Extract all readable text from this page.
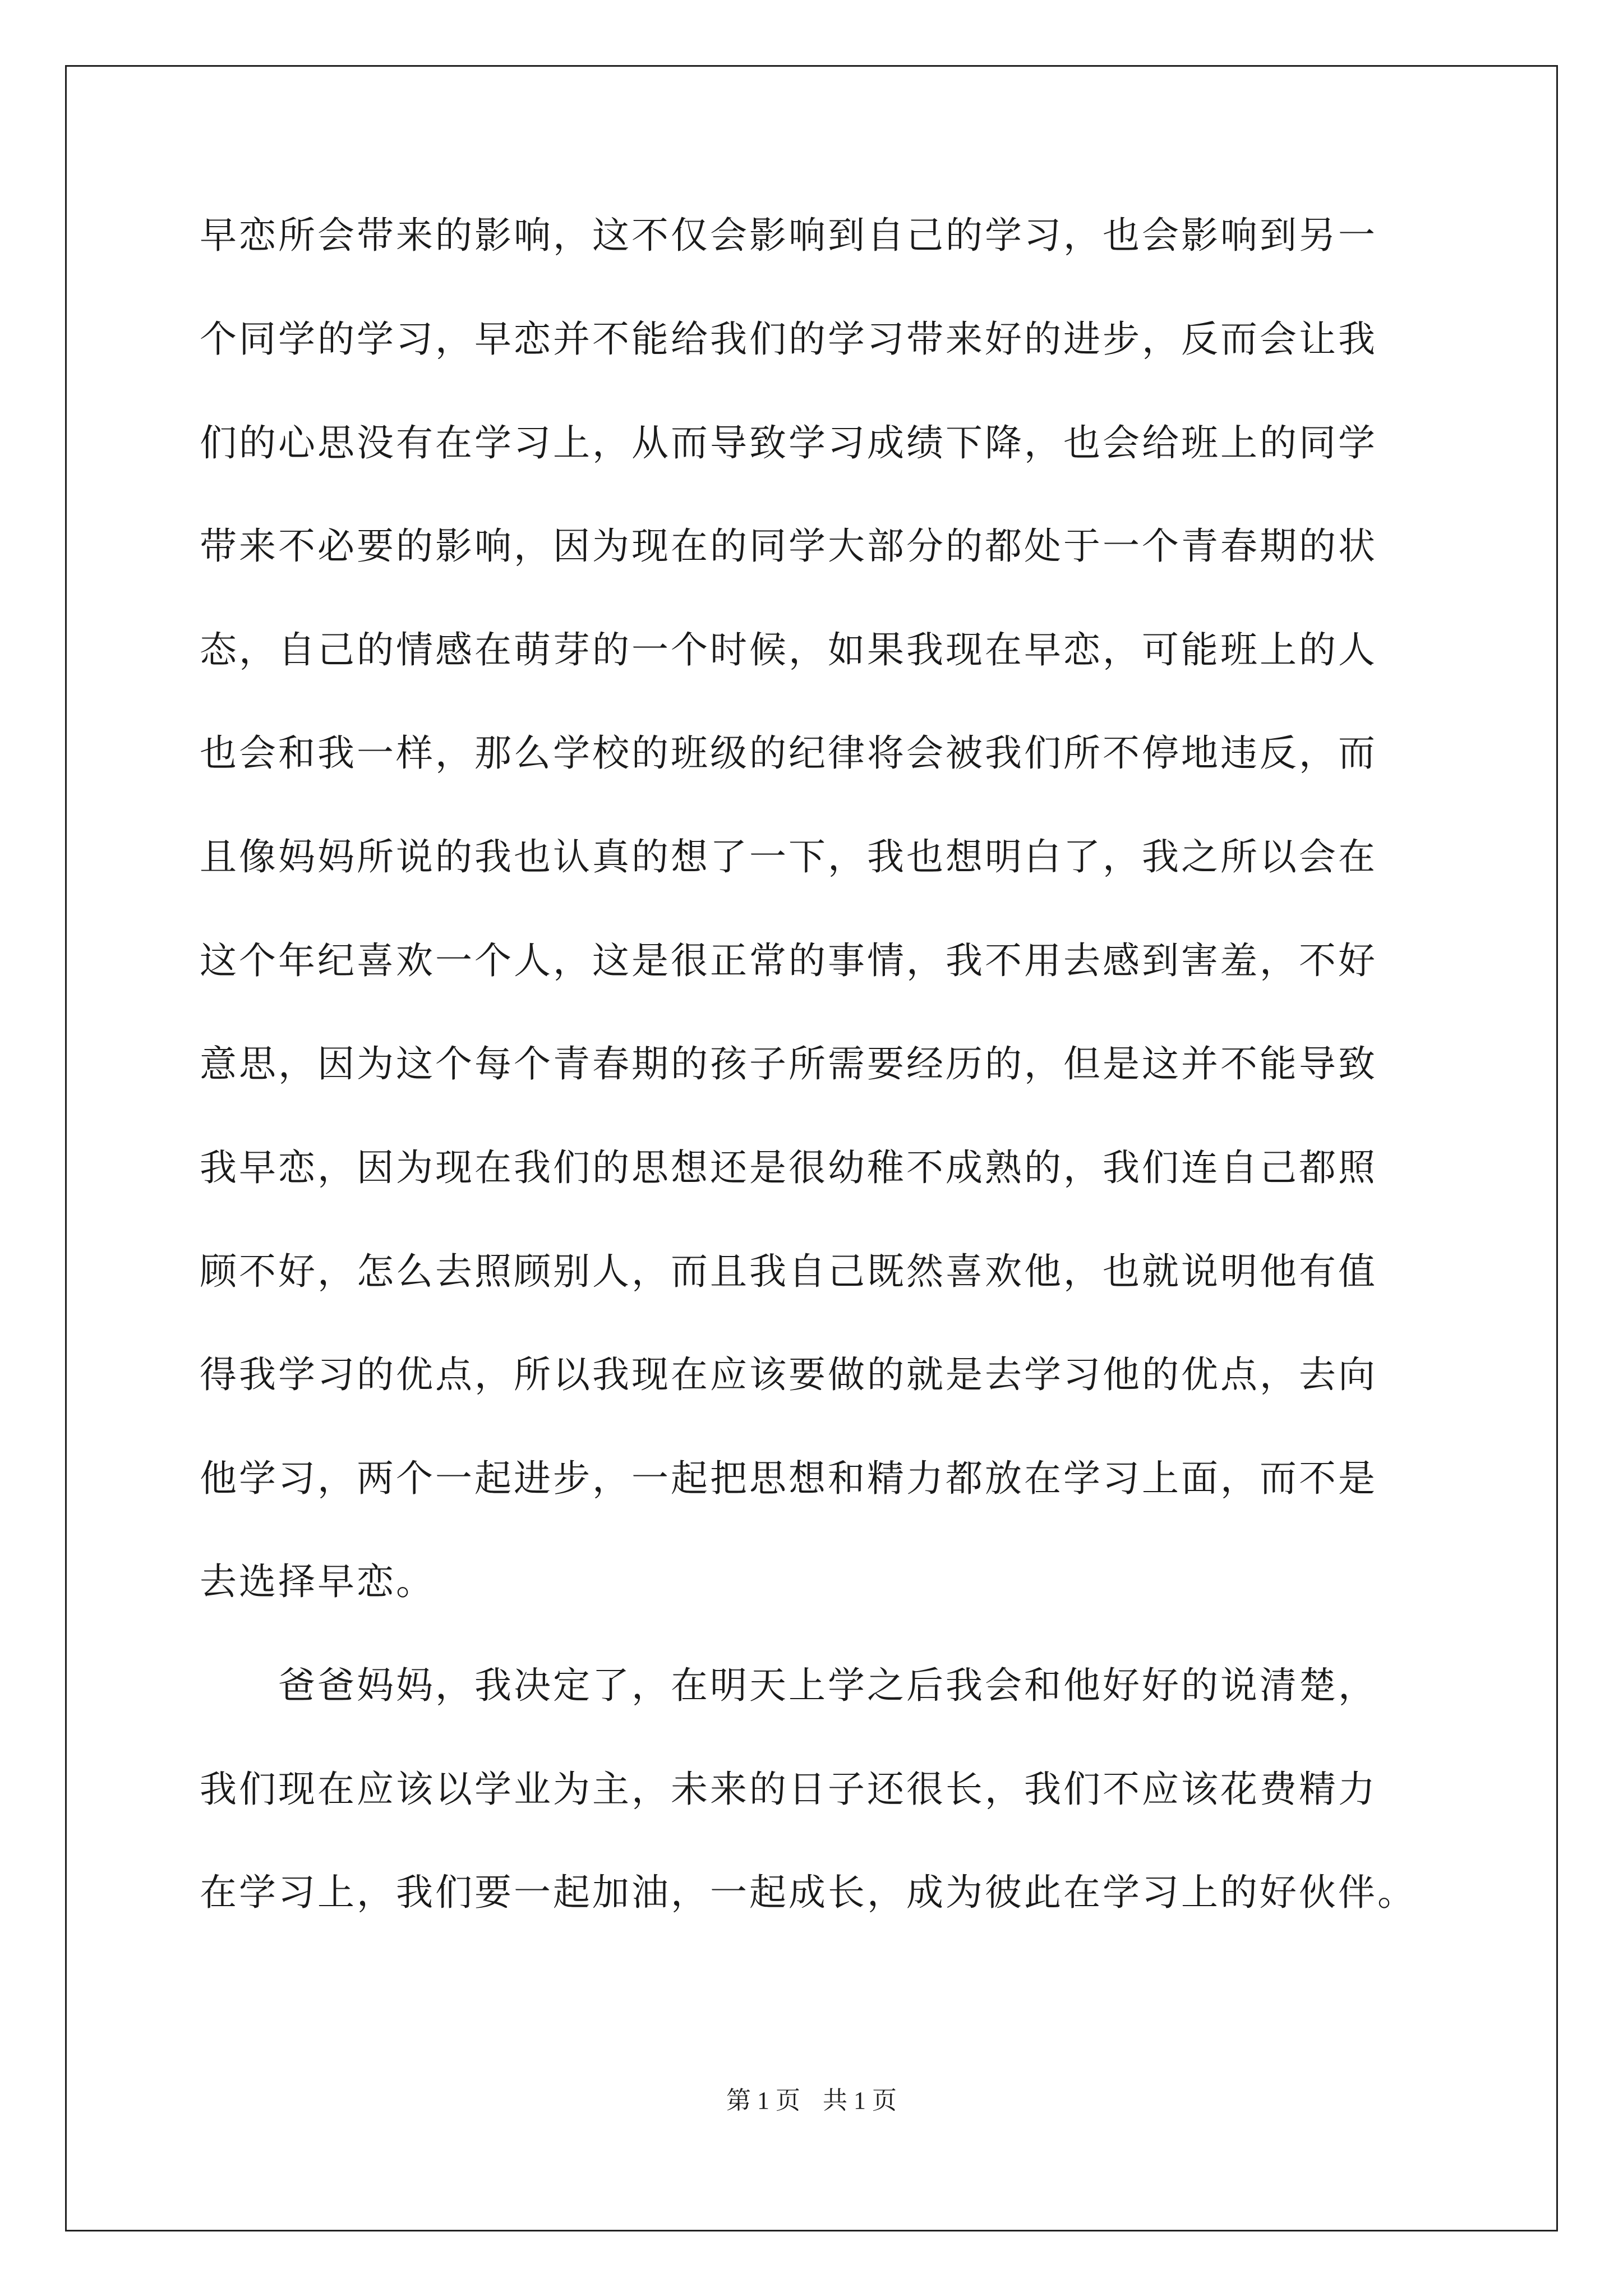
早恋所会带来的影响，这不仅会影响到自己的学习，也会影响到另一
个同学的学习，早恋并不能给我们的学习带来好的进步，反而会让我
们的心思没有在学习上，从而导致学习成绩下降，也会给班上的同学
带来不必要的影响，因为现在的同学大部分的都处于一个青春期的状
态，自己的情感在萌芽的一个时候，如果我现在早恋，可能班上的人
也会和我一样，那么学校的班级的纪律将会被我们所不停地违反，而
且像妈妈所说的我也认真的想了一下，我也想明白了，我之所以会在
这个年纪喜欢一个人，这是很正常的事情，我不用去感到害羞，不好
意思，因为这个每个青春期的孩子所需要经历的，但是这并不能导致
我早恋，因为现在我们的思想还是很幼稚不成熟的，我们连自己都照
顾不好，怎么去照顾别人，而且我自己既然喜欢他，也就说明他有值
得我学习的优点，所以我现在应该要做的就是去学习他的优点，去向
他学习，两个一起进步，一起把思想和精力都放在学习上面，而不是
去选择早恋。
爸爸妈妈，我决定了，在明天上学之后我会和他好好的说清楚，
我们现在应该以学业为主，未来的日子还很长，我们不应该花费精力
在学习上，我们要一起加油，一起成长，成为彼此在学习上的好伙伴。
第 1 页 共 1 页
